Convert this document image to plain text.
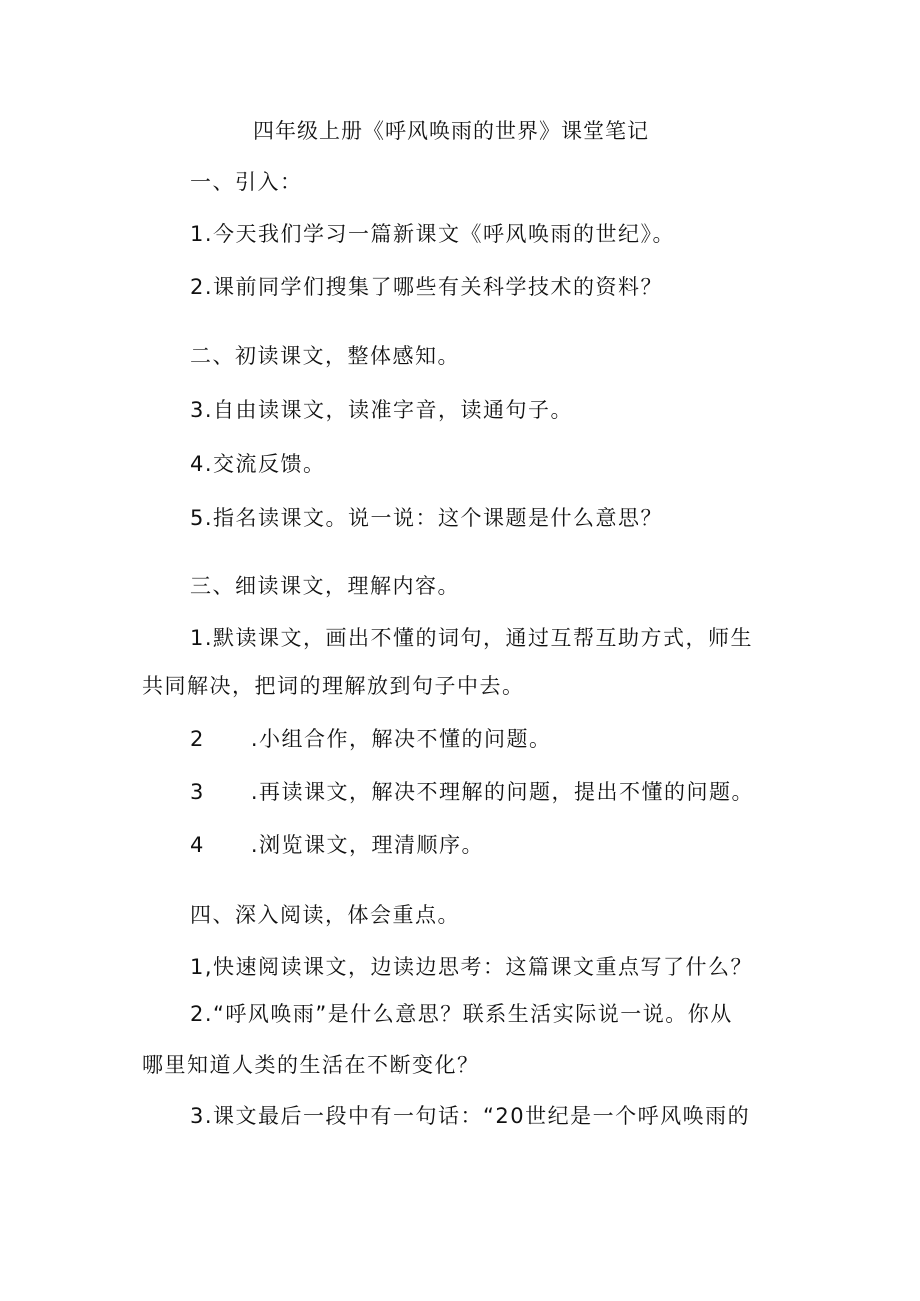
四年级上册《呼风唤雨的世界》课堂笔记
一、引入：
1.今天我们学习一篇新课文《呼风唤雨的世纪》。
2.课前同学们搜集了哪些有关科学技术的资料？
二、初读课文，整体感知。
3.自由读课文，读准字音，读通句子。
4.交流反馈。
5.指名读课文。说一说：这个课题是什么意思？
三、细读课文，理解内容。
1.默读课文，画出不懂的词句，通过互帮互助方式，师生
共同解决，把词的理解放到句子中去。
2 .小组合作，解决不懂的问题。
3 .再读课文，解决不理解的问题，提出不懂的问题。
4 .浏览课文，理清顺序。
四、深入阅读，体会重点。
1,快速阅读课文，边读边思考：这篇课文重点写了什么？
2.“呼风唤雨”是什么意思？联系生活实际说一说。你从
哪里知道人类的生活在不断变化？
3.课文最后一段中有一句话：“20世纪是一个呼风唤雨的
